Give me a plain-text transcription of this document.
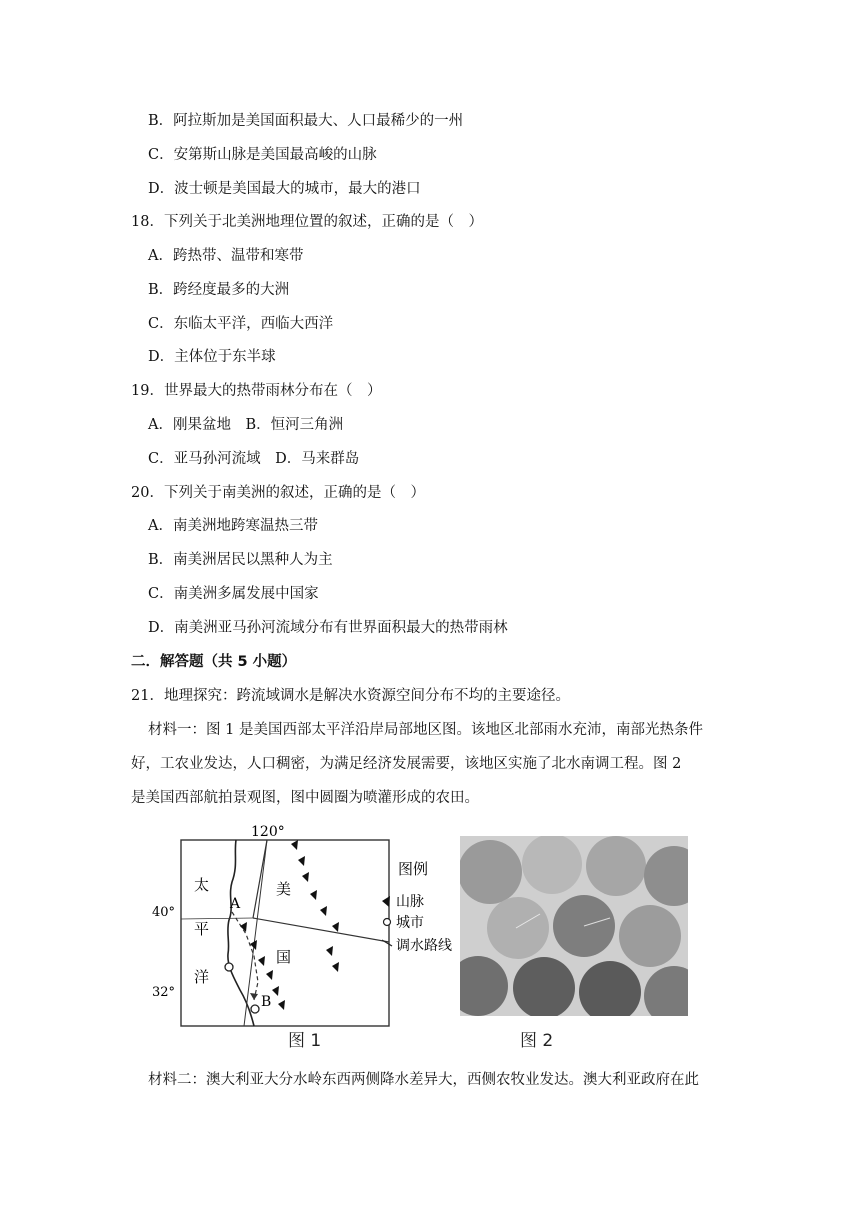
B．阿拉斯加是美国面积最大、人口最稀少的一州
C．安第斯山脉是美国最高峻的山脉
D．波士顿是美国最大的城市，最大的港口
18．下列关于北美洲地理位置的叙述，正确的是（　）
A．跨热带、温带和寒带
B．跨经度最多的大洲
C．东临太平洋，西临大西洋
D．主体位于东半球
19．世界最大的热带雨林分布在（　）
A．刚果盆地　B．恒河三角洲
C．亚马孙河流域　D．马来群岛
20．下列关于南美洲的叙述，正确的是（　）
A．南美洲地跨寒温热三带
B．南美洲居民以黑种人为主
C．南美洲多属发展中国家
D．南美洲亚马孙河流域分布有世界面积最大的热带雨林
二．解答题（共 5 小题）
21．地理探究：跨流域调水是解决水资源空间分布不均的主要途径。
材料一：图 1 是美国西部太平洋沿岸局部地区图。该地区北部雨水充沛，南部光热条件
好，工农业发达，人口稠密，为满足经济发展需要，该地区实施了北水南调工程。图 2
是美国西部航拍景观图，图中圆圈为喷灌形成的农田。
120°
40°
32°
太
平
洋
美
国
A
B
图例
山脉
城市
调水路线
图 1	图 2
材料二：澳大利亚大分水岭东西两侧降水差异大，西侧农牧业发达。澳大利亚政府在此
